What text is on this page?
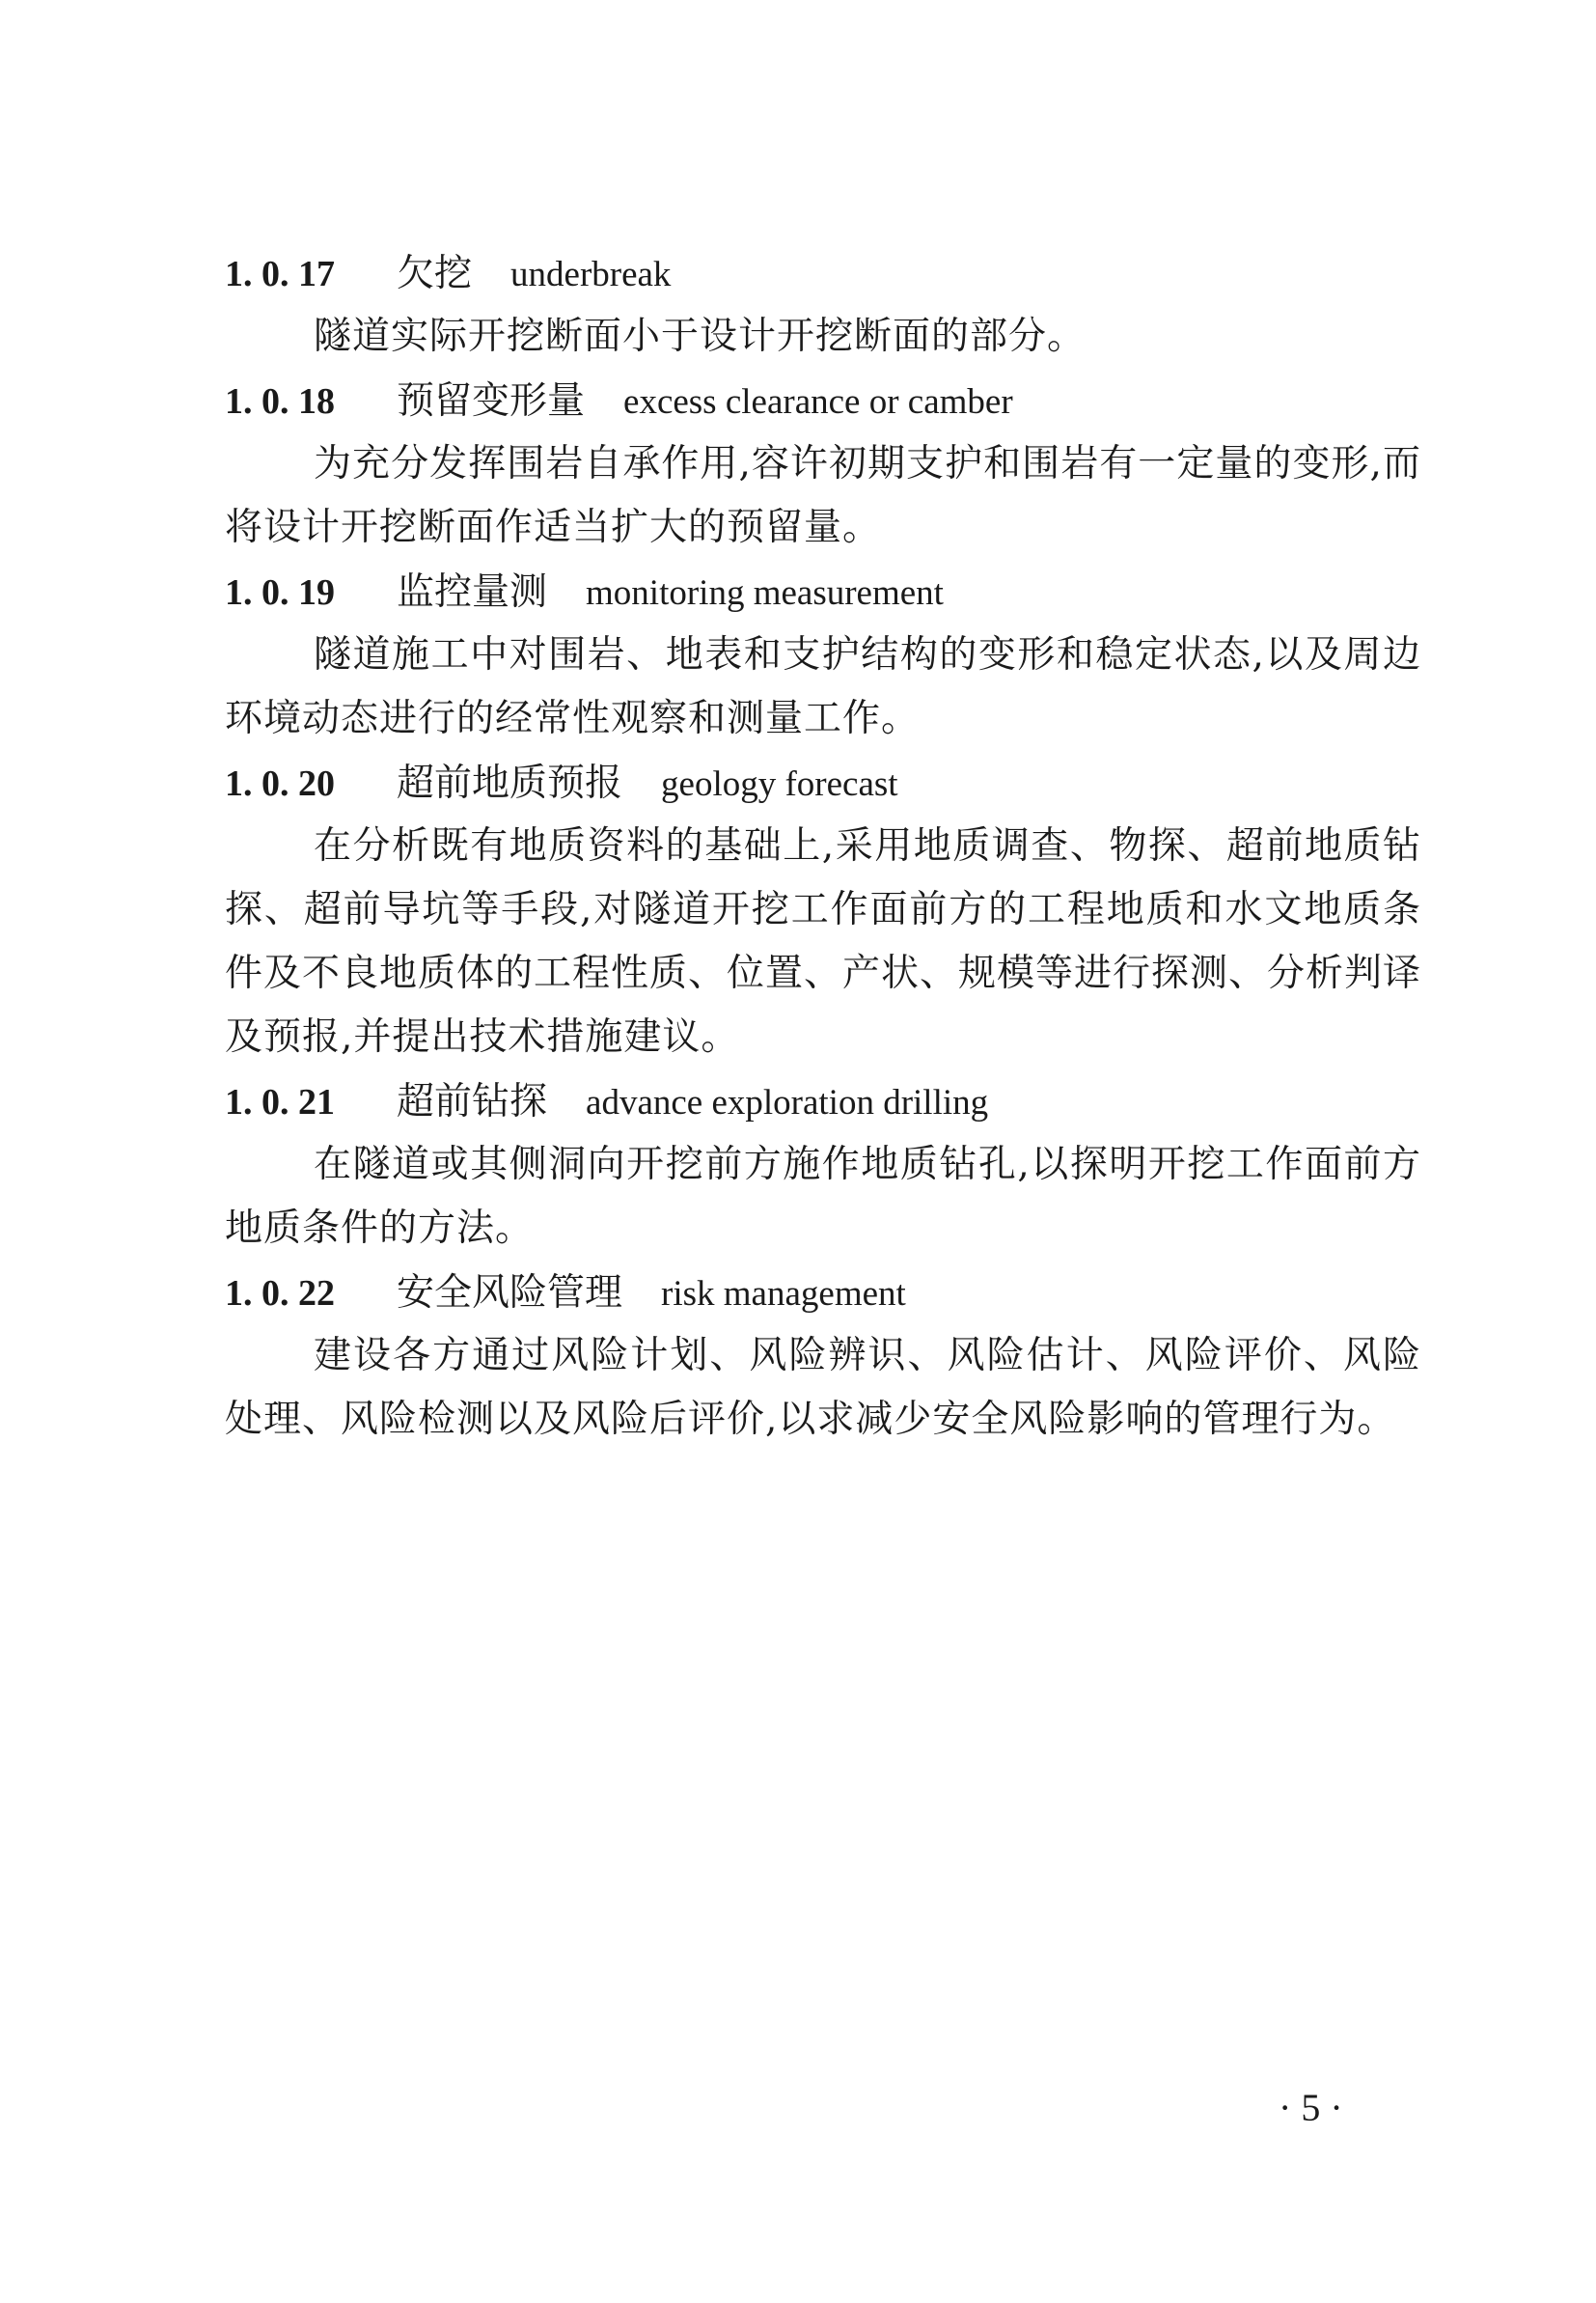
1. 0. 17 欠挖 underbreak

隧道实际开挖断面小于设计开挖断面的部分。

1. 0. 18 预留变形量 excess clearance or camber

为充分发挥围岩自承作用,容许初期支护和围岩有一定量的变形,而将设计开挖断面作适当扩大的预留量。

1. 0. 19 监控量测 monitoring measurement

隧道施工中对围岩、地表和支护结构的变形和稳定状态,以及周边环境动态进行的经常性观察和测量工作。

1. 0. 20 超前地质预报 geology forecast

在分析既有地质资料的基础上,采用地质调查、物探、超前地质钻探、超前导坑等手段,对隧道开挖工作面前方的工程地质和水文地质条件及不良地质体的工程性质、位置、产状、规模等进行探测、分析判译及预报,并提出技术措施建议。

1. 0. 21 超前钻探 advance exploration drilling

在隧道或其侧洞向开挖前方施作地质钻孔,以探明开挖工作面前方地质条件的方法。

1. 0. 22 安全风险管理 risk management

建设各方通过风险计划、风险辨识、风险估计、风险评价、风险处理、风险检测以及风险后评价,以求减少安全风险影响的管理行为。

· 5 ·
